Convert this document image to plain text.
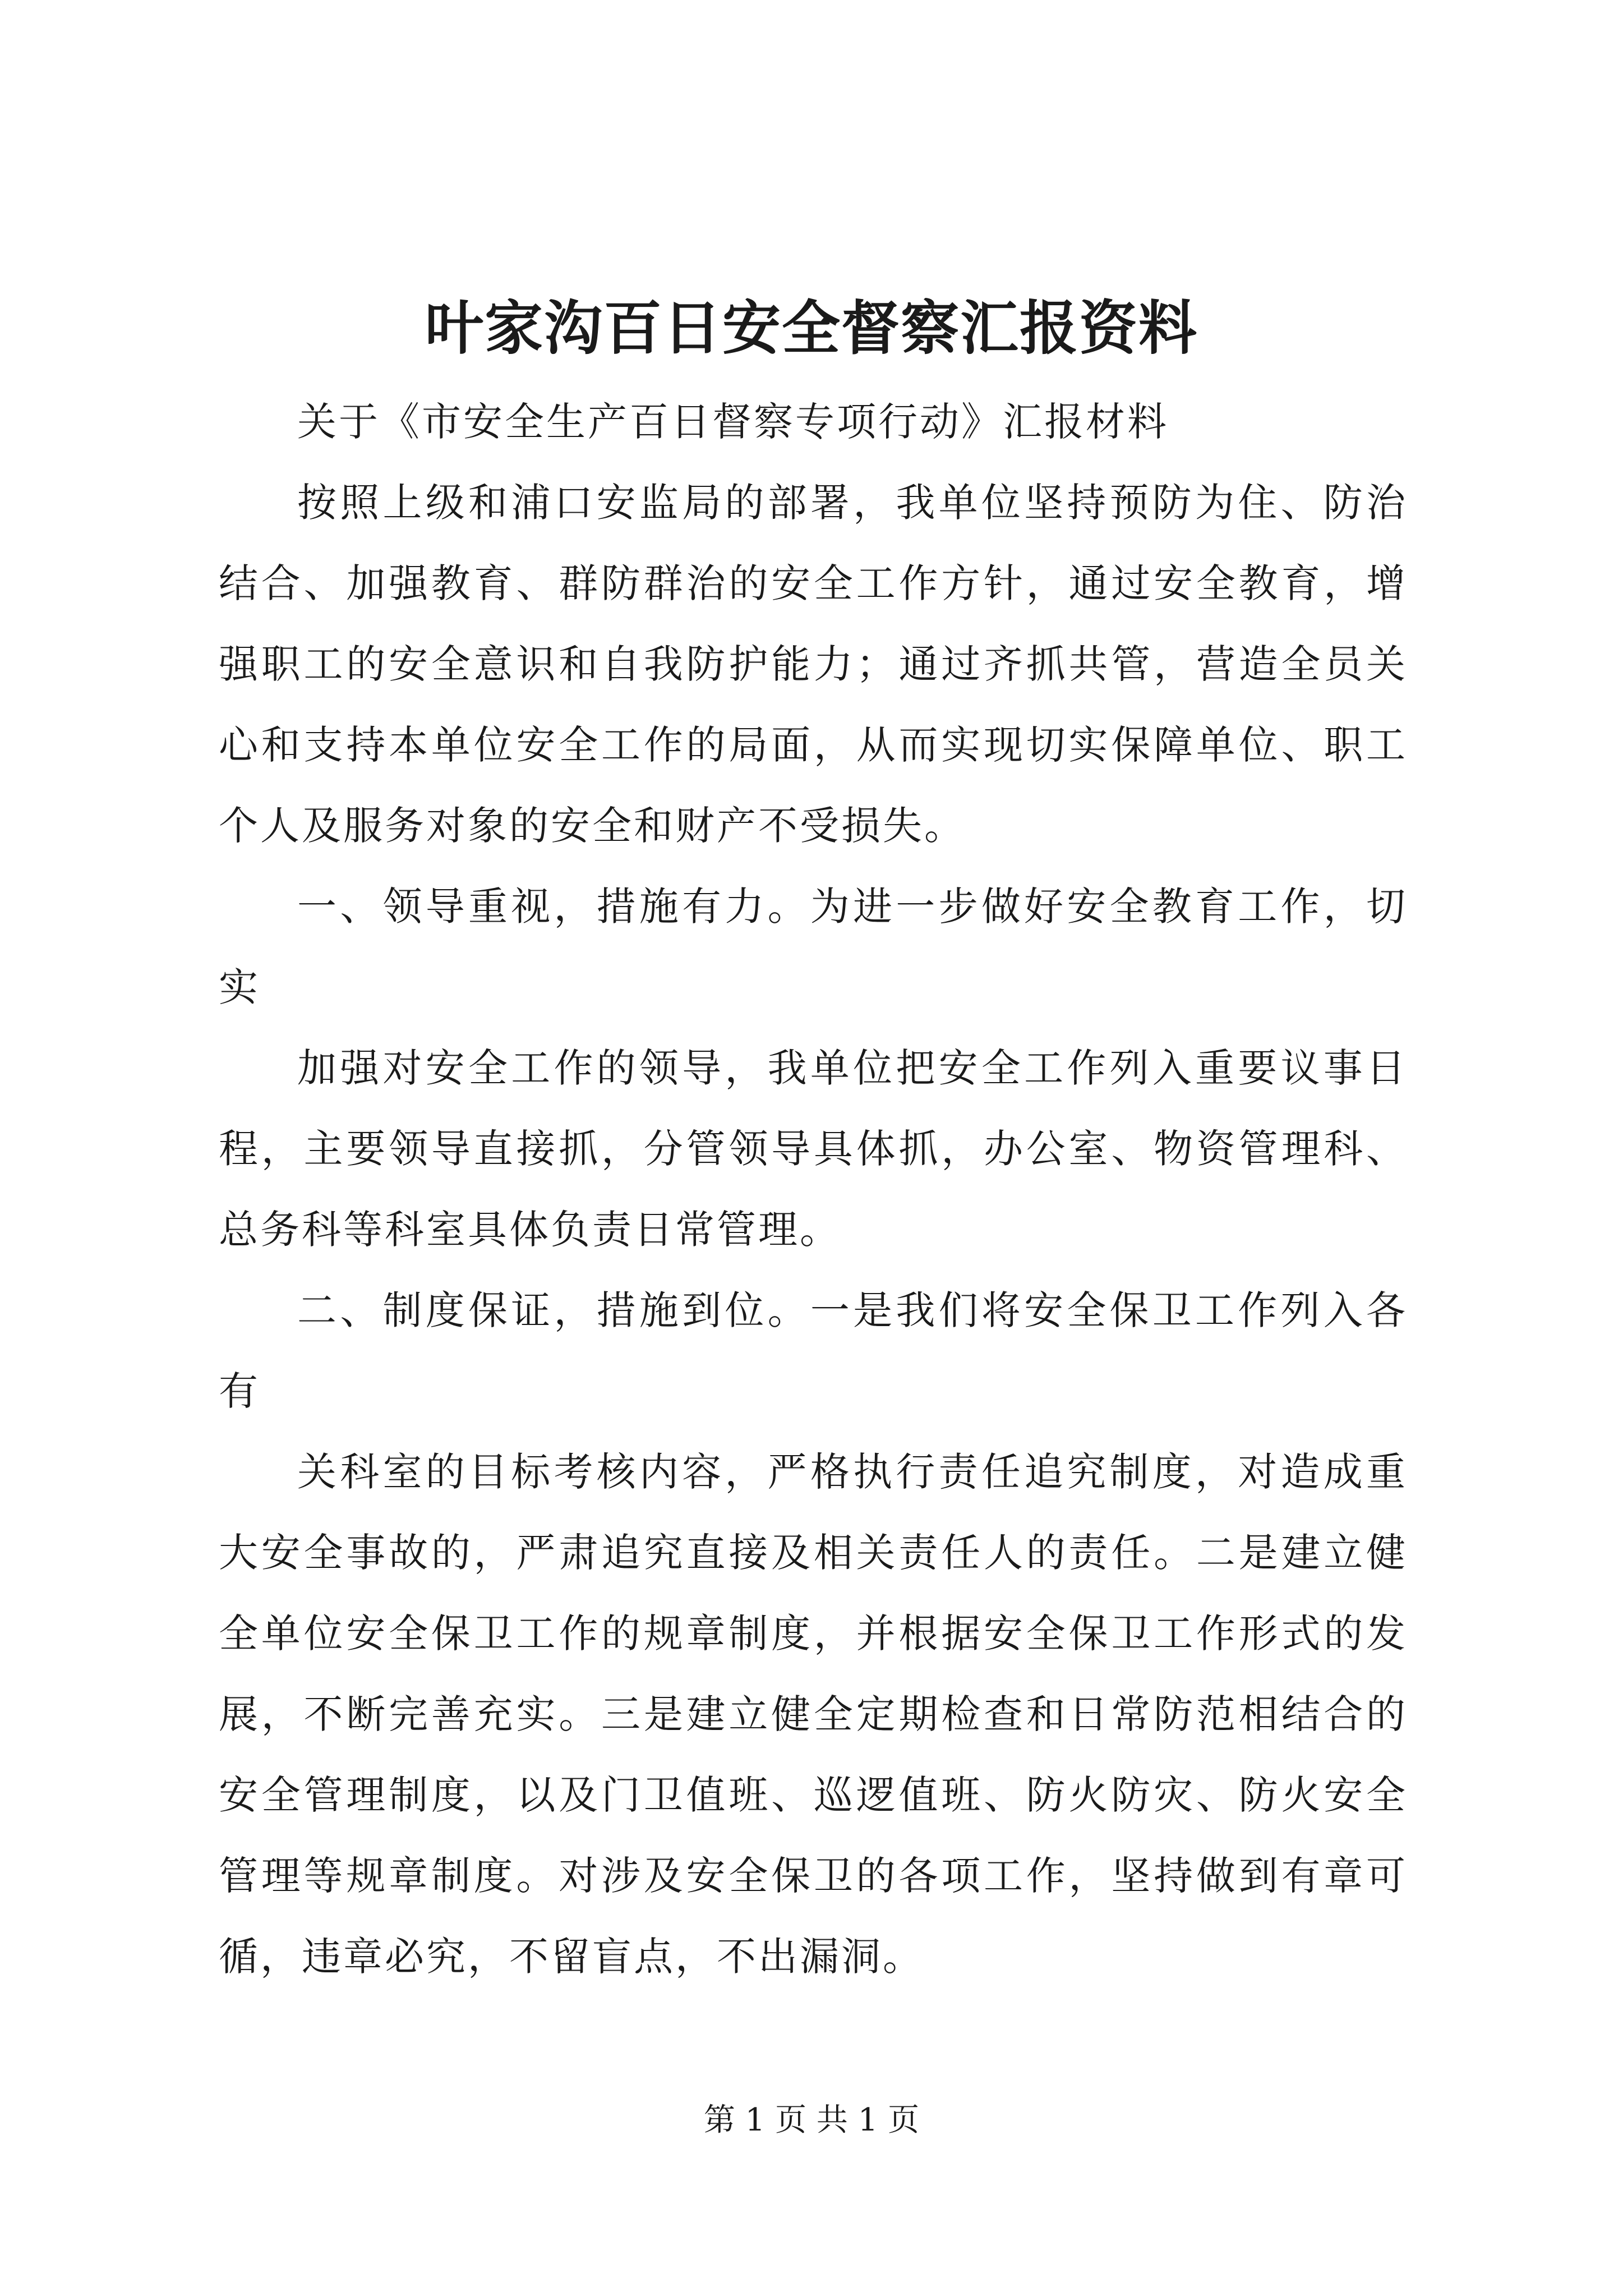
叶家沟百日安全督察汇报资料

关于《市安全生产百日督察专项行动》汇报材料

按照上级和浦口安监局的部署，我单位坚持预防为住、防治结合、加强教育、群防群治的安全工作方针，通过安全教育，增强职工的安全意识和自我防护能力；通过齐抓共管，营造全员关心和支持本单位安全工作的局面，从而实现切实保障单位、职工个人及服务对象的安全和财产不受损失。

一、领导重视，措施有力。为进一步做好安全教育工作，切实

加强对安全工作的领导，我单位把安全工作列入重要议事日程，主要领导直接抓，分管领导具体抓，办公室、物资管理科、总务科等科室具体负责日常管理。

二、制度保证，措施到位。一是我们将安全保卫工作列入各有

关科室的目标考核内容，严格执行责任追究制度，对造成重大安全事故的，严肃追究直接及相关责任人的责任。二是建立健全单位安全保卫工作的规章制度，并根据安全保卫工作形式的发展，不断完善充实。三是建立健全定期检查和日常防范相结合的安全管理制度，以及门卫值班、巡逻值班、防火防灾、防火安全管理等规章制度。对涉及安全保卫的各项工作，坚持做到有章可循，违章必究，不留盲点，不出漏洞。

第 1 页 共 1 页
